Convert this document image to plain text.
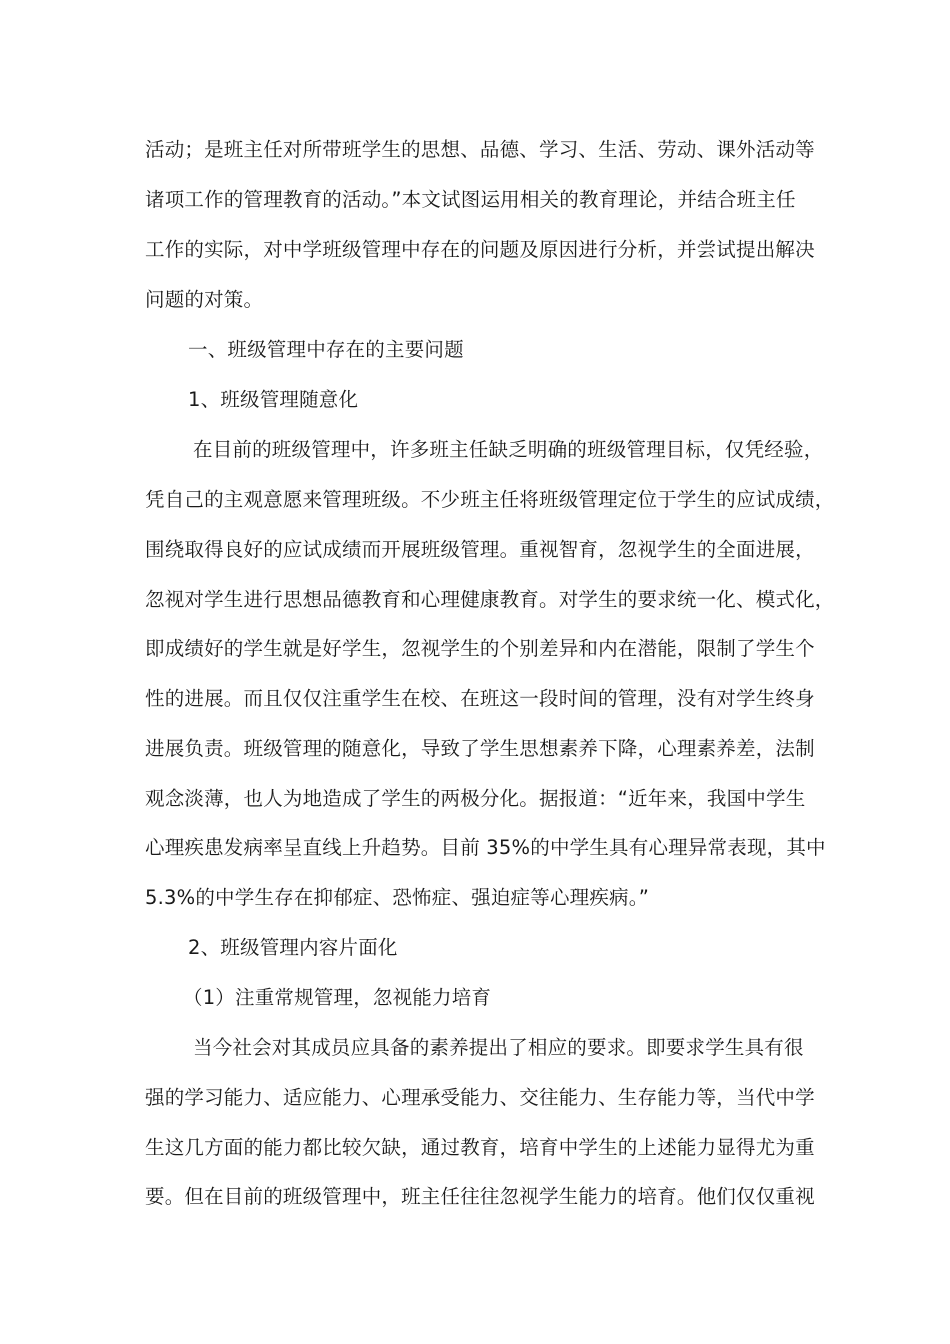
活动；是班主任对所带班学生的思想、品德、学习、生活、劳动、课外活动等
诸项工作的管理教育的活动。”本文试图运用相关的教育理论，并结合班主任
工作的实际，对中学班级管理中存在的问题及原因进行分析，并尝试提出解决
问题的对策。
一、班级管理中存在的主要问题
1、班级管理随意化
在目前的班级管理中，许多班主任缺乏明确的班级管理目标，仅凭经验，
凭自己的主观意愿来管理班级。不少班主任将班级管理定位于学生的应试成绩，
围绕取得良好的应试成绩而开展班级管理。重视智育，忽视学生的全面进展，
忽视对学生进行思想品德教育和心理健康教育。对学生的要求统一化、模式化，
即成绩好的学生就是好学生，忽视学生的个别差异和内在潜能，限制了学生个
性的进展。而且仅仅注重学生在校、在班这一段时间的管理，没有对学生终身
进展负责。班级管理的随意化，导致了学生思想素养下降，心理素养差，法制
观念淡薄，也人为地造成了学生的两极分化。据报道：“近年来，我国中学生
心理疾患发病率呈直线上升趋势。目前 35%的中学生具有心理异常表现，其中
5.3%的中学生存在抑郁症、恐怖症、强迫症等心理疾病。”
2、班级管理内容片面化
（1）注重常规管理，忽视能力培育
当今社会对其成员应具备的素养提出了相应的要求。即要求学生具有很
强的学习能力、适应能力、心理承受能力、交往能力、生存能力等，当代中学
生这几方面的能力都比较欠缺，通过教育，培育中学生的上述能力显得尤为重
要。但在目前的班级管理中，班主任往往忽视学生能力的培育。他们仅仅重视
